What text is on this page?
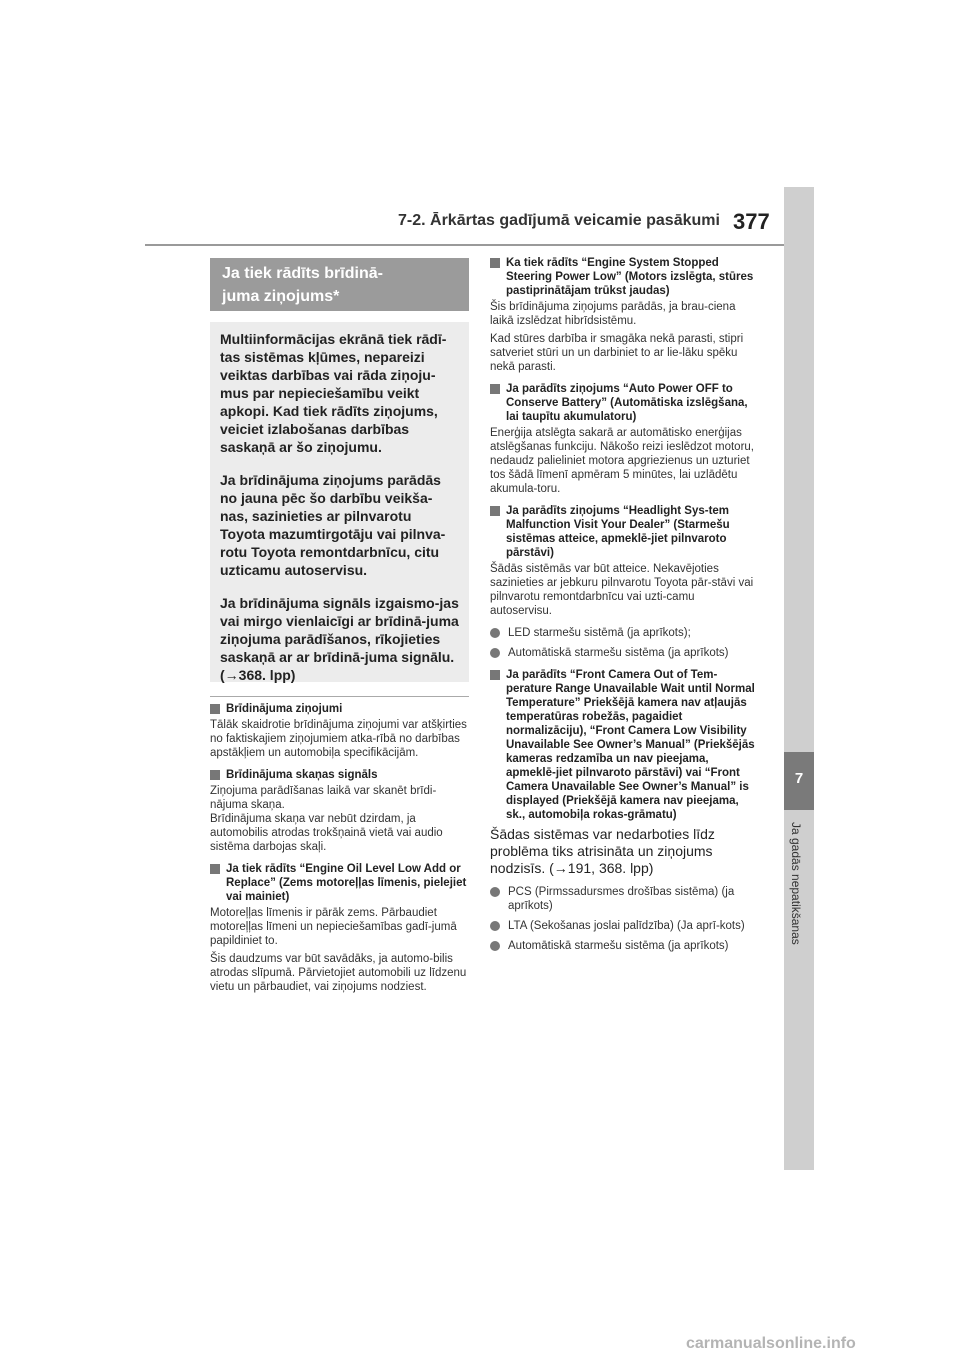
7-2. Ārkārtas gadījumā veicamie pasākumi 377
7
Ja gadās nepatikšanas
Ja tiek rādīts brīdinā-
juma ziņojums*

Multiinformācijas ekrānā tiek rādī-tas sistēmas kļūmes, nepareizi veiktas darbības vai rāda ziņoju-mus par nepieciešamību veikt apkopi. Kad tiek rādīts ziņojums, veiciet izlabošanas darbības saskaņā ar šo ziņojumu.

Ja brīdinājuma ziņojums parādās no jauna pēc šo darbību veikša-nas, sazinieties ar pilnvarotu Toyota mazumtirgotāju vai pilnva-rotu Toyota remontdarbnīcu, citu uzticamu autoservisu.

Ja brīdinājuma signāls izgaismo-jas vai mirgo vienlaicīgi ar brīdinā-juma ziņojuma parādīšanos, rīkojieties saskaņā ar ar brīdinā-juma signālu. (→368. lpp)

Brīdinājuma ziņojumi

Tālāk skaidrotie brīdinājuma ziņojumi var atšķirties no faktiskajiem ziņojumiem atka-rībā no darbības apstākļiem un automobiļa specifikācijām.

Brīdinājuma skaņas signāls

Ziņojuma parādīšanas laikā var skanēt brīdi-nājuma skaņa.
Brīdinājuma skaņa var nebūt dzirdam, ja automobilis atrodas trokšņainā vietā vai audio sistēma darbojas skaļi.

Ja tiek rādīts “Engine Oil Level Low Add or Replace” (Zems motoreļļas līmenis, pielejiet vai mainiet)

Motoreļļas līmenis ir pārāk zems. Pārbaudiet motoreļļas līmeni un nepieciešamības gadī-jumā papildiniet to.

Šis daudzums var būt savādāks, ja automo-bilis atrodas slīpumā. Pārvietojiet automobili uz līdzenu vietu un pārbaudiet, vai ziņojums nodziest.

Ka tiek rādīts “Engine System Stopped Steering Power Low” (Motors izslēgta, stūres pastiprinātājam trūkst jaudas)

Šis brīdinājuma ziņojums parādās, ja brau-ciena laikā izslēdzat hibrīdsistēmu.

Kad stūres darbība ir smagāka nekā parasti, stipri satveriet stūri un un darbiniet to ar lie-lāku spēku nekā parasti.

Ja parādīts ziņojums “Auto Power OFF to Conserve Battery” (Automātiska izslēgšana, lai taupītu akumulatoru)

Enerģija atslēgta sakarā ar automātisko enerģijas atslēgšanas funkciju. Nākošo reizi ieslēdzot motoru, nedaudz palieliniet motora apgriezienus un uzturiet tos šādā līmenī apmēram 5 minūtes, lai uzlādētu akumula-toru.

Ja parādīts ziņojums “Headlight Sys-tem Malfunction Visit Your Dealer” (Starmešu sistēmas atteice, apmeklē-jiet pilnvaroto pārstāvi)

Šādās sistēmās var būt atteice. Nekavējoties sazinieties ar jebkuru pilnvarotu Toyota pār-stāvi vai pilnvarotu remontdarbnīcu vai uzti-camu autoservisu.

LED starmešu sistēmā (ja aprīkots);
Automātiskā starmešu sistēma (ja aprīkots)
Ja parādīts “Front Camera Out of Tem-perature Range Unavailable Wait until Normal Temperature” Priekšējā kamera nav atļaujās temperatūras robežās, pagaidiet normalizāciju), “Front Camera Low Visibility Unavailable See Owner’s Manual” (Priekšējās kameras redzamība un nav pieejama, apmeklē-jiet pilnvaroto pārstāvi) vai “Front Camera Unavailable See Owner’s Manual” is displayed (Priekšējā kamera nav pieejama, sk., automobiļa rokas-grāmatu)

Šādas sistēmas var nedarboties līdz problēma tiks atrisināta un ziņojums nodzisīs. (→191, 368. lpp)

PCS (Pirmssadursmes drošības sistēma) (ja aprīkots)
LTA (Sekošanas joslai palīdzība) (Ja aprī-kots)
Automātiskā starmešu sistēma (ja aprīkots)
carmanualsonline.info
